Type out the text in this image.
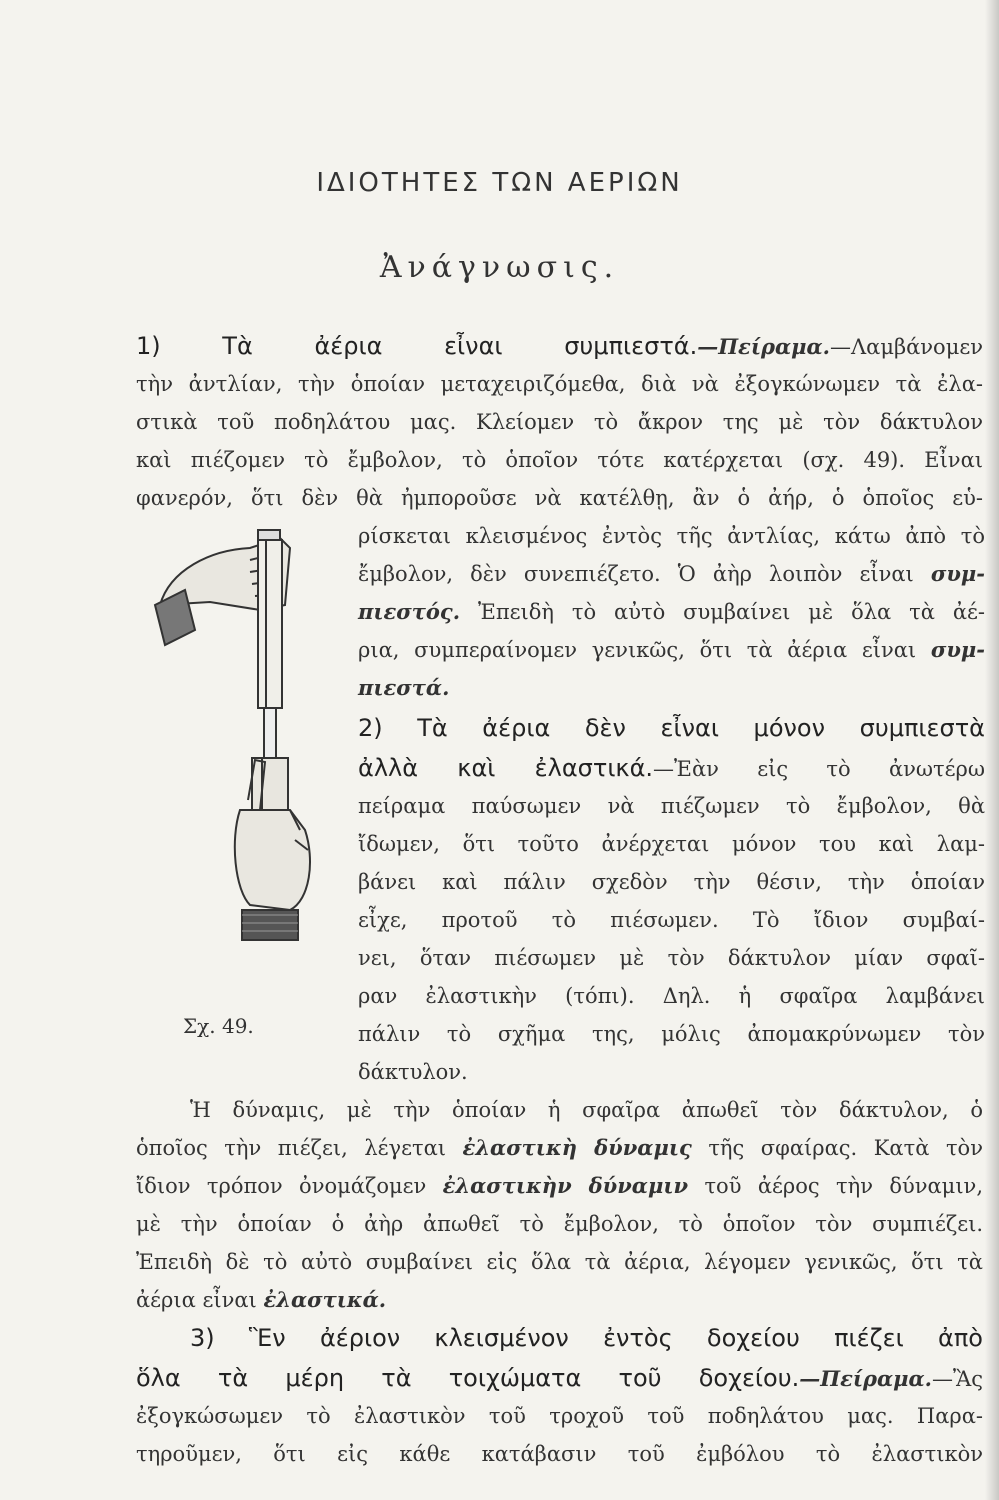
ΙΔΙΟΤΗΤΕΣ ΤΩΝ ΑΕΡΙΩΝ
Ἀνάγνωσις.
1) Τὰ ἀέρια εἶναι συμπιεστά.—Πείραμα.—Λαμβάνομεν
τὴν ἀντλίαν, τὴν ὁποίαν μεταχειριζόμεθα, διὰ νὰ ἐξογκώνωμεν τὰ ἐλα-
στικὰ τοῦ ποδηλάτου μας. Κλείομεν τὸ ἄκρον της μὲ τὸν δάκτυλον
καὶ πιέζομεν τὸ ἔμβολον, τὸ ὁποῖον τότε κατέρχεται (σχ. 49). Εἶναι
φανερόν, ὅτι δὲν θὰ ἠμποροῦσε νὰ κατέλθῃ, ἂν ὁ ἀήρ, ὁ ὁποῖος εὑ-
ρίσκεται κλεισμένος ἐντὸς τῆς ἀντλίας, κάτω ἀπὸ τὸ
ἔμβολον, δὲν συνεπιέζετο. Ὁ ἀὴρ λοιπὸν εἶναι συμ-
πιεστός. Ἐπειδὴ τὸ αὐτὸ συμβαίνει μὲ ὅλα τὰ ἀέ-
ρια, συμπεραίνομεν γενικῶς, ὅτι τὰ ἀέρια εἶναι συμ-
πιεστά.
2) Τὰ ἀέρια δὲν εἶναι μόνον συμπιεστὰ
ἀλλὰ καὶ ἐλαστικά.—Ἐὰν εἰς τὸ ἀνωτέρω
πείραμα παύσωμεν νὰ πιέζωμεν τὸ ἔμβολον, θὰ
ἴδωμεν, ὅτι τοῦτο ἀνέρχεται μόνον του καὶ λαμ-
βάνει καὶ πάλιν σχεδὸν τὴν θέσιν, τὴν ὁποίαν
εἶχε, προτοῦ τὸ πιέσωμεν. Τὸ ἴδιον συμβαί-
νει, ὅταν πιέσωμεν μὲ τὸν δάκτυλον μίαν σφαῖ-
ραν ἐλαστικὴν (τόπι). Δηλ. ἡ σφαῖρα λαμβάνει
πάλιν τὸ σχῆμα της, μόλις ἀπομακρύνωμεν τὸν
δάκτυλον.
Ἡ δύναμις, μὲ τὴν ὁποίαν ἡ σφαῖρα ἀπωθεῖ τὸν δάκτυλον, ὁ
ὁποῖος τὴν πιέζει, λέγεται ἐλαστικὴ δύναμις τῆς σφαίρας. Κατὰ τὸν
ἴδιον τρόπον ὀνομάζομεν ἐλαστικὴν δύναμιν τοῦ ἀέρος τὴν δύναμιν,
μὲ τὴν ὁποίαν ὁ ἀὴρ ἀπωθεῖ τὸ ἔμβολον, τὸ ὁποῖον τὸν συμπιέζει.
Ἐπειδὴ δὲ τὸ αὐτὸ συμβαίνει εἰς ὅλα τὰ ἀέρια, λέγομεν γενικῶς, ὅτι τὰ
ἀέρια εἶναι ἐλαστικά.
3) Ἓν ἀέριον κλεισμένον ἐντὸς δοχείου πιέζει ἀπὸ
ὅλα τὰ μέρη τὰ τοιχώματα τοῦ δοχείου.—Πείραμα.—Ἂς
ἐξογκώσωμεν τὸ ἐλαστικὸν τοῦ τροχοῦ τοῦ ποδηλάτου μας. Παρα-
τηροῦμεν, ὅτι εἰς κάθε κατάβασιν τοῦ ἐμβόλου τὸ ἐλαστικὸν
Σχ. 49.
